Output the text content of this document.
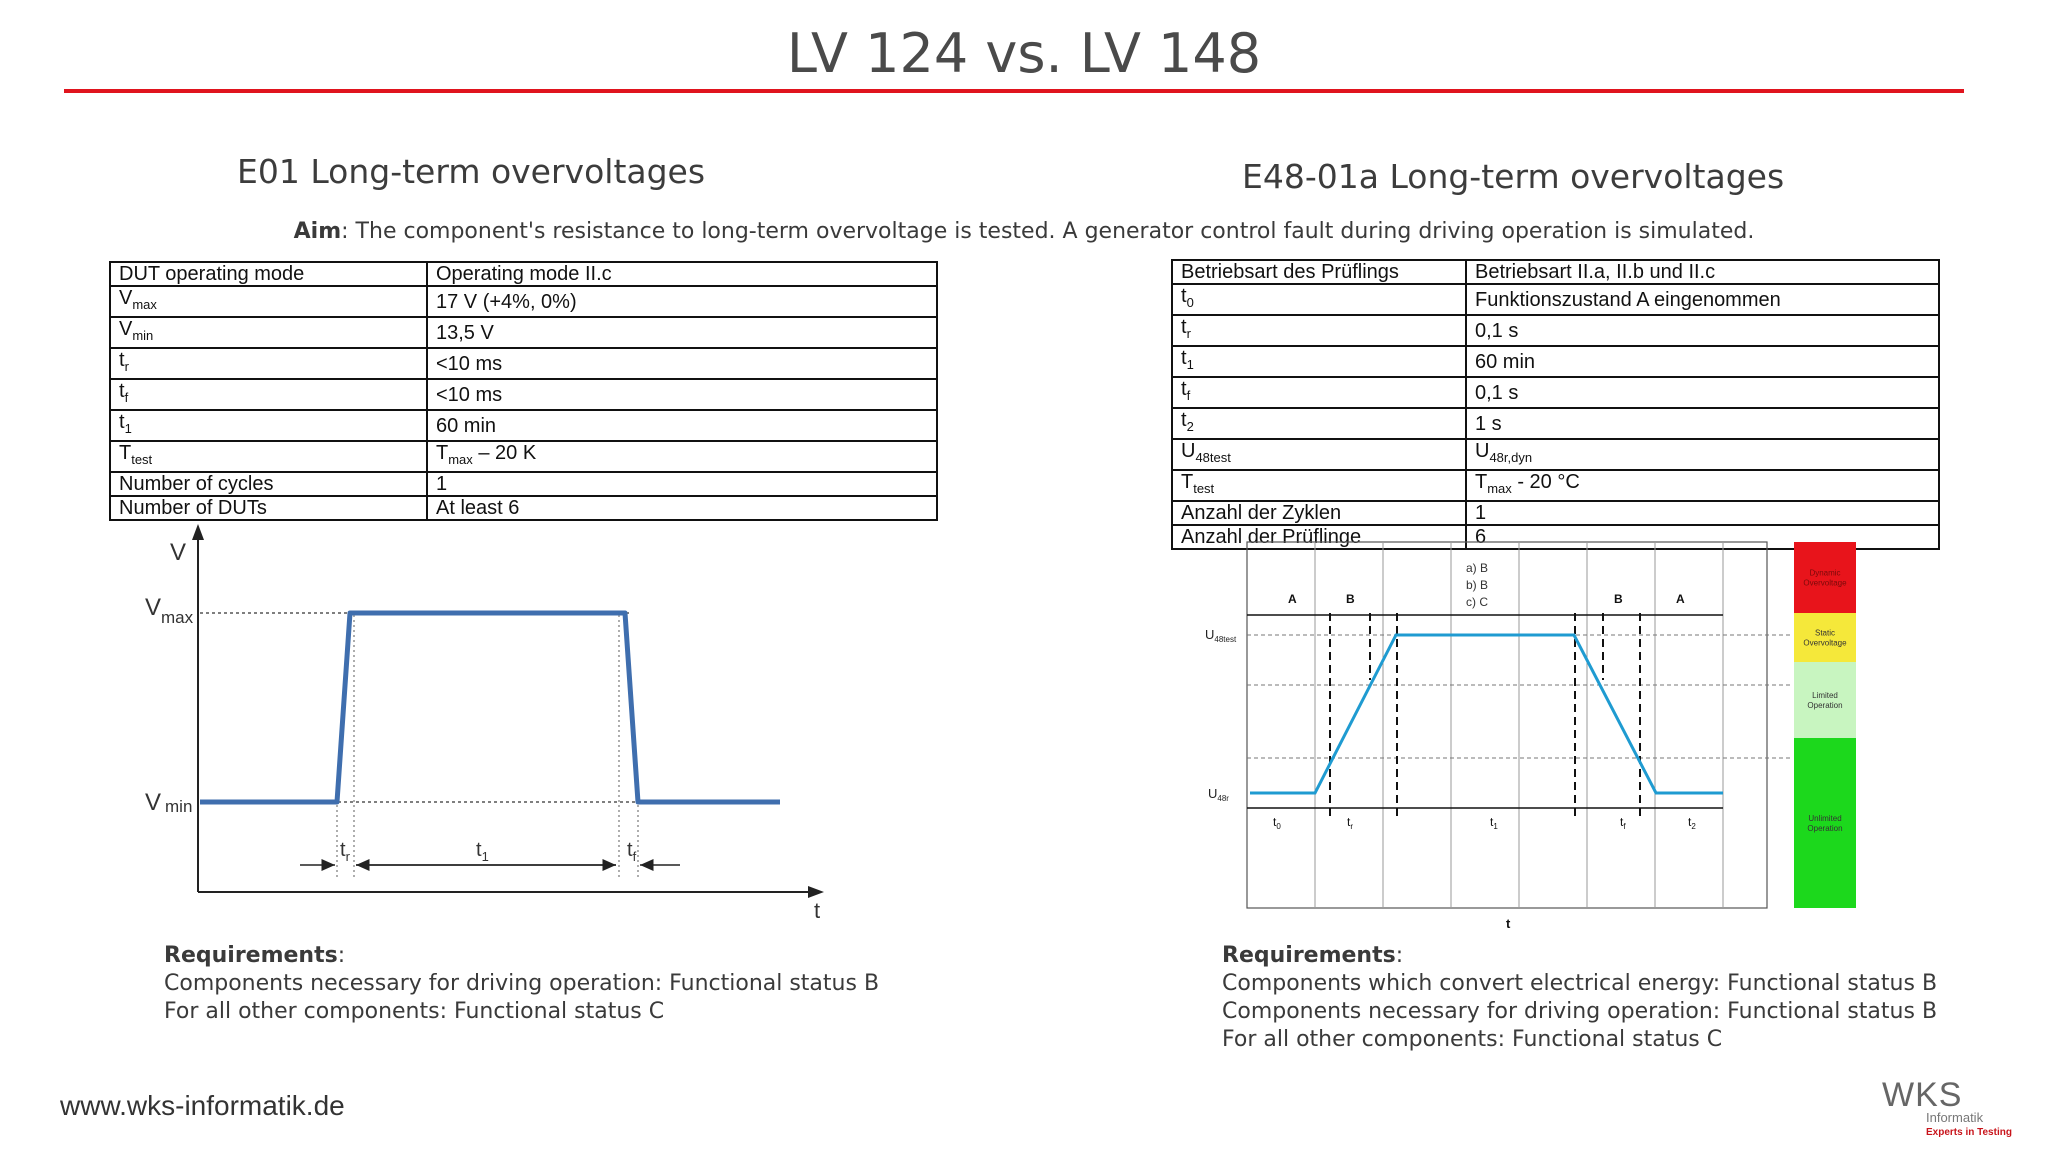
LV 124 vs. LV 148
E01 Long-term overvoltages	E48-01a Long-term overvoltages
Aim: The component's resistance to long-term overvoltage is tested. A generator control fault during driving operation is simulated.
DUT operating mode	Operating mode II.c
$V_{max}$	17 V (+4%, 0%)
$V_{min}$	13,5 V
$t_r$	<10 ms
$t_f$	<10 ms
$t_1$	60 min
$T_{test}$	$T_{max} - 20$ K
Number of cycles	1
Number of DUTs	At least 6
Betriebsart des Prüflings	Betriebsart II.a, II.b und II.c
$t_0$	Funktionszustand A eingenommen
$t_r$	0,1 s
$t_1$	60 min
$t_f$	0,1 s
$t_2$	1 s
$U_{48test}$	$U_{48r,dyn}$
$T_{test}$	$T_{max} - 20$ °C
Anzahl der Zyklen	1
Anzahl der Prüflinge	6
V
$V_{max}$
V min
$t_r$	$t_1$	$t_f$
t
Dynamic
Overvoltage
Static
Overvoltage
Limited
Operation
Unlimited
Operation
A	B	B	A
a) B b) B c) C
$U_{48test}$
$U_{48r}$
$t_0$	$t_r$	$t_1$	$t_f$	$t_2$
t
Requirements:
Components necessary for driving operation: Functional status B
For all other components: Functional status C
Requirements:
Components which convert electrical energy: Functional status B
Components necessary for driving operation: Functional status B
For all other components: Functional status C
www.wks-informatik.de	WKS
Informatik
Experts in Testing
